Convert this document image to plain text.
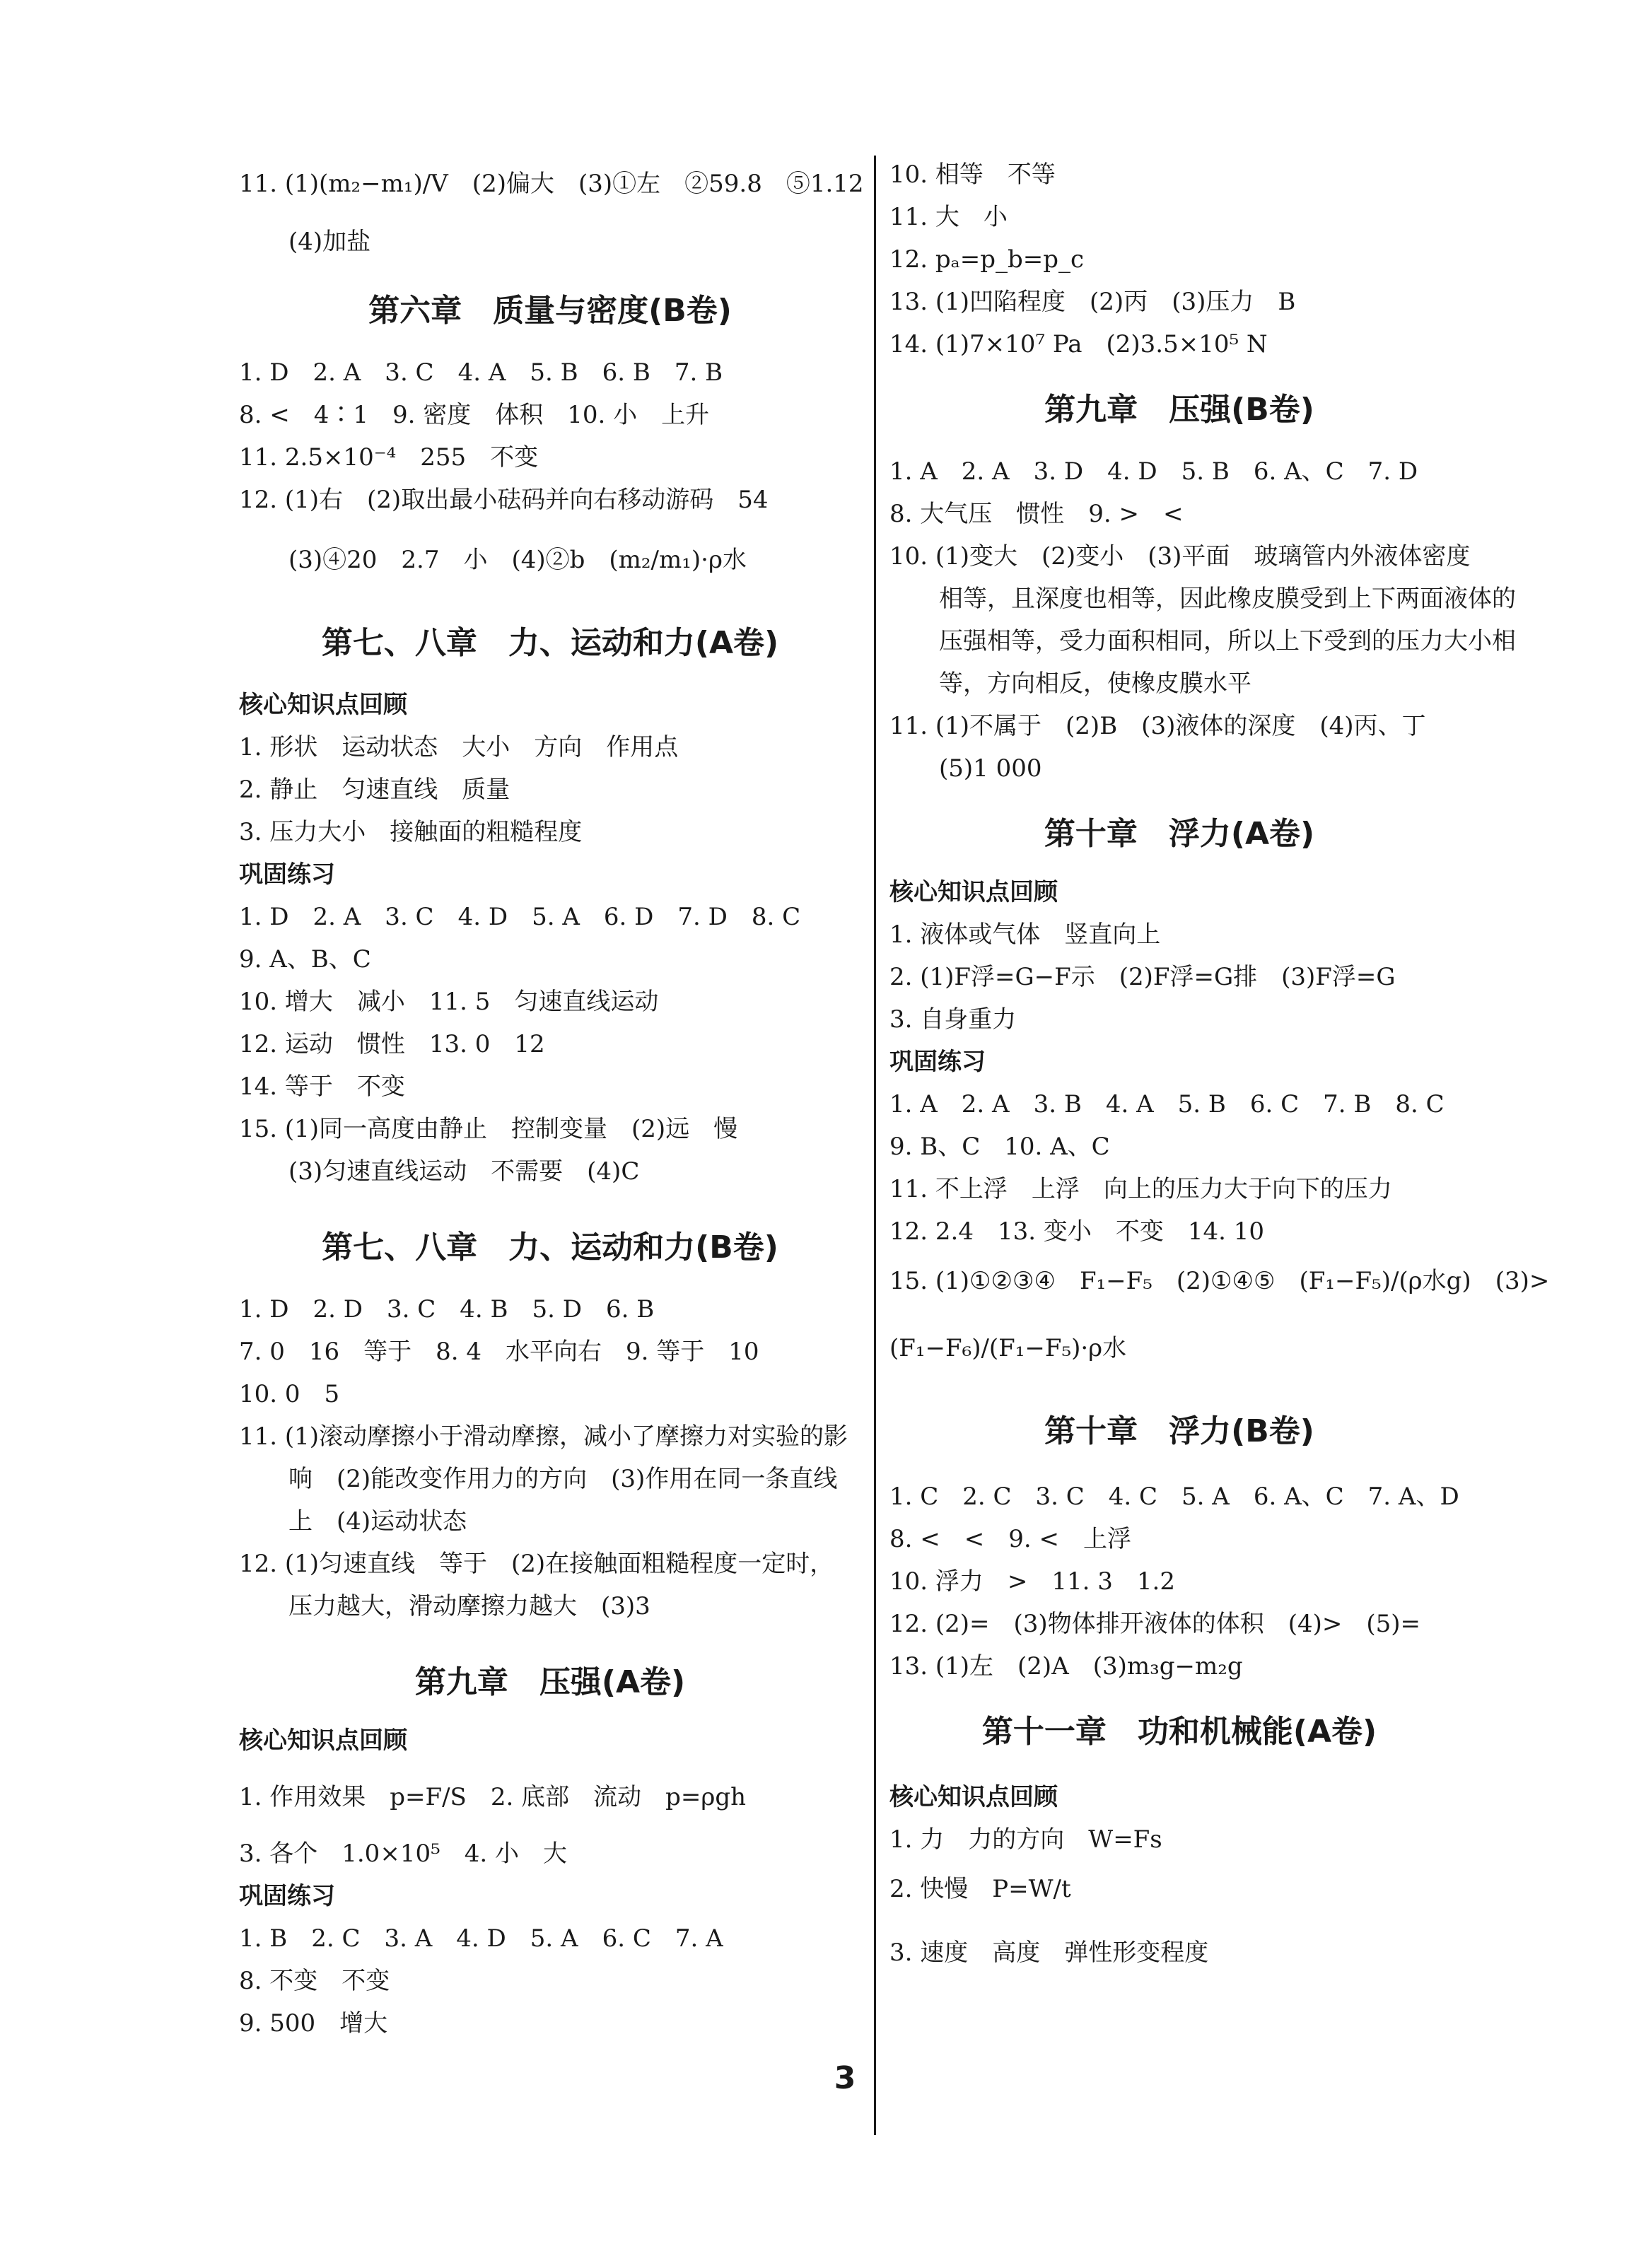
11. (1)(m₂−m₁)/V　(2)偏大　(3)①左　②59.8　⑤1.12
(4)加盐
第六章　质量与密度(B卷)
1. D　2. A　3. C　4. A　5. B　6. B　7. B
8. <　4∶1　9. 密度　体积　10. 小　上升
11. 2.5×10⁻⁴　255　不变
12. (1)右　(2)取出最小砝码并向右移动游码　54
(3)④20　2.7　小　(4)②b　(m₂/m₁)·ρ水
第七、八章　力、运动和力(A卷)
核心知识点回顾
1. 形状　运动状态　大小　方向　作用点
2. 静止　匀速直线　质量
3. 压力大小　接触面的粗糙程度
巩固练习
1. D　2. A　3. C　4. D　5. A　6. D　7. D　8. C
9. A、B、C
10. 增大　减小　11. 5　匀速直线运动
12. 运动　惯性　13. 0　12
14. 等于　不变
15. (1)同一高度由静止　控制变量　(2)远　慢
(3)匀速直线运动　不需要　(4)C
第七、八章　力、运动和力(B卷)
1. D　2. D　3. C　4. B　5. D　6. B
7. 0　16　等于　8. 4　水平向右　9. 等于　10
10. 0　5
11. (1)滚动摩擦小于滑动摩擦，减小了摩擦力对实验的影
响　(2)能改变作用力的方向　(3)作用在同一条直线
上　(4)运动状态
12. (1)匀速直线　等于　(2)在接触面粗糙程度一定时，
压力越大，滑动摩擦力越大　(3)3
第九章　压强(A卷)
核心知识点回顾
1. 作用效果　p=F/S　2. 底部　流动　p=ρgh
3. 各个　1.0×10⁵　4. 小　大
巩固练习
1. B　2. C　3. A　4. D　5. A　6. C　7. A
8. 不变　不变
9. 500　增大
10. 相等　不等
11. 大　小
12. pₐ=p_b=p_c
13. (1)凹陷程度　(2)丙　(3)压力　B
14. (1)7×10⁷ Pa　(2)3.5×10⁵ N
第九章　压强(B卷)
1. A　2. A　3. D　4. D　5. B　6. A、C　7. D
8. 大气压　惯性　9. >　<
10. (1)变大　(2)变小　(3)平面　玻璃管内外液体密度
相等，且深度也相等，因此橡皮膜受到上下两面液体的
压强相等，受力面积相同，所以上下受到的压力大小相
等，方向相反，使橡皮膜水平
11. (1)不属于　(2)B　(3)液体的深度　(4)丙、丁
(5)1 000
第十章　浮力(A卷)
核心知识点回顾
1. 液体或气体　竖直向上
2. (1)F浮=G−F示　(2)F浮=G排　(3)F浮=G
3. 自身重力
巩固练习
1. A　2. A　3. B　4. A　5. B　6. C　7. B　8. C
9. B、C　10. A、C
11. 不上浮　上浮　向上的压力大于向下的压力
12. 2.4　13. 变小　不变　14. 10
15. (1)①②③④　F₁−F₅　(2)①④⑤　(F₁−F₅)/(ρ水g)　(3)>
(F₁−F₆)/(F₁−F₅)·ρ水
第十章　浮力(B卷)
1. C　2. C　3. C　4. C　5. A　6. A、C　7. A、D
8. <　<　9. <　上浮
10. 浮力　>　11. 3　1.2
12. (2)=　(3)物体排开液体的体积　(4)>　(5)=
13. (1)左　(2)A　(3)m₃g−m₂g
第十一章　功和机械能(A卷)
核心知识点回顾
1. 力　力的方向　W=Fs
2. 快慢　P=W/t
3. 速度　高度　弹性形变程度
3
